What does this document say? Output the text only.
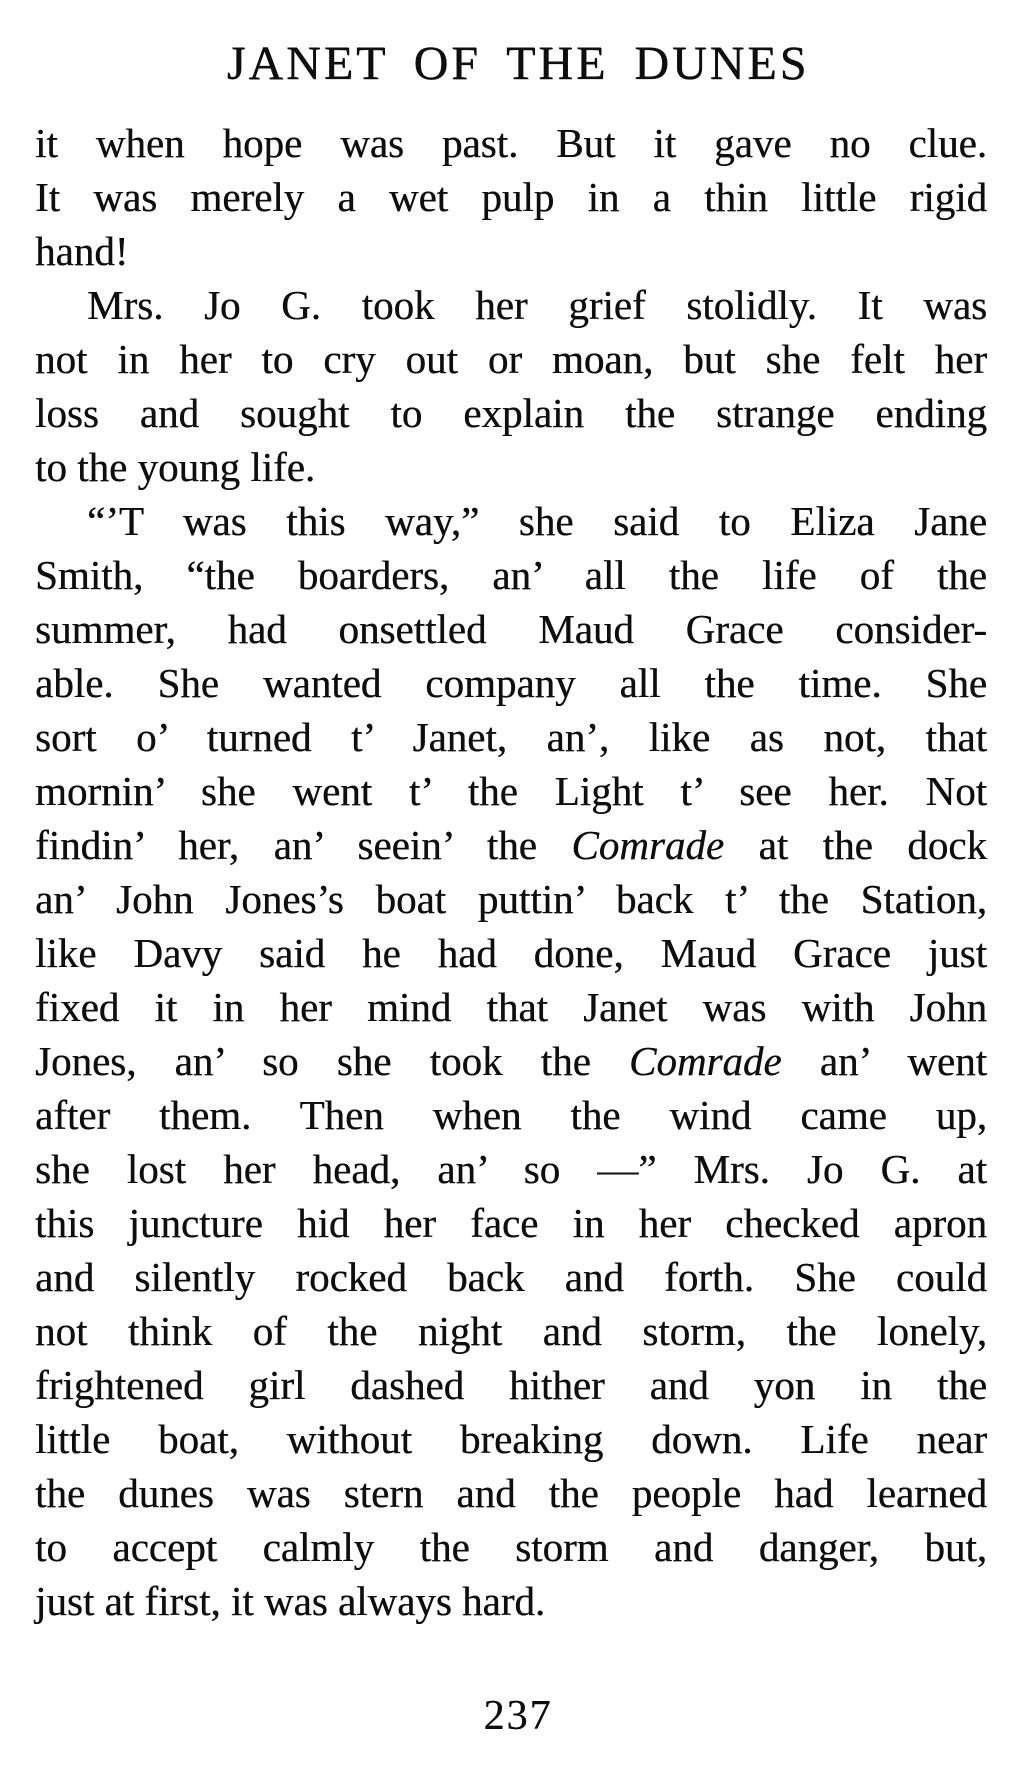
JANET OF THE DUNES
it when hope was past. But it gave no clue.
It was merely a wet pulp in a thin little rigid
hand!
Mrs. Jo G. took her grief stolidly. It was
not in her to cry out or moan, but she felt her
loss and sought to explain the strange ending
to the young life.
“’T was this way,” she said to Eliza Jane
Smith, “the boarders, an’ all the life of the
summer, had onsettled Maud Grace consider-
able. She wanted company all the time. She
sort o’ turned t’ Janet, an’, like as not, that
mornin’ she went t’ the Light t’ see her. Not
findin’ her, an’ seein’ the Comrade at the dock
an’ John Jones’s boat puttin’ back t’ the Station,
like Davy said he had done, Maud Grace just
fixed it in her mind that Janet was with John
Jones, an’ so she took the Comrade an’ went
after them. Then when the wind came up,
she lost her head, an’ so —” Mrs. Jo G. at
this juncture hid her face in her checked apron
and silently rocked back and forth. She could
not think of the night and storm, the lonely,
frightened girl dashed hither and yon in the
little boat, without breaking down. Life near
the dunes was stern and the people had learned
to accept calmly the storm and danger, but,
just at first, it was always hard.
237
